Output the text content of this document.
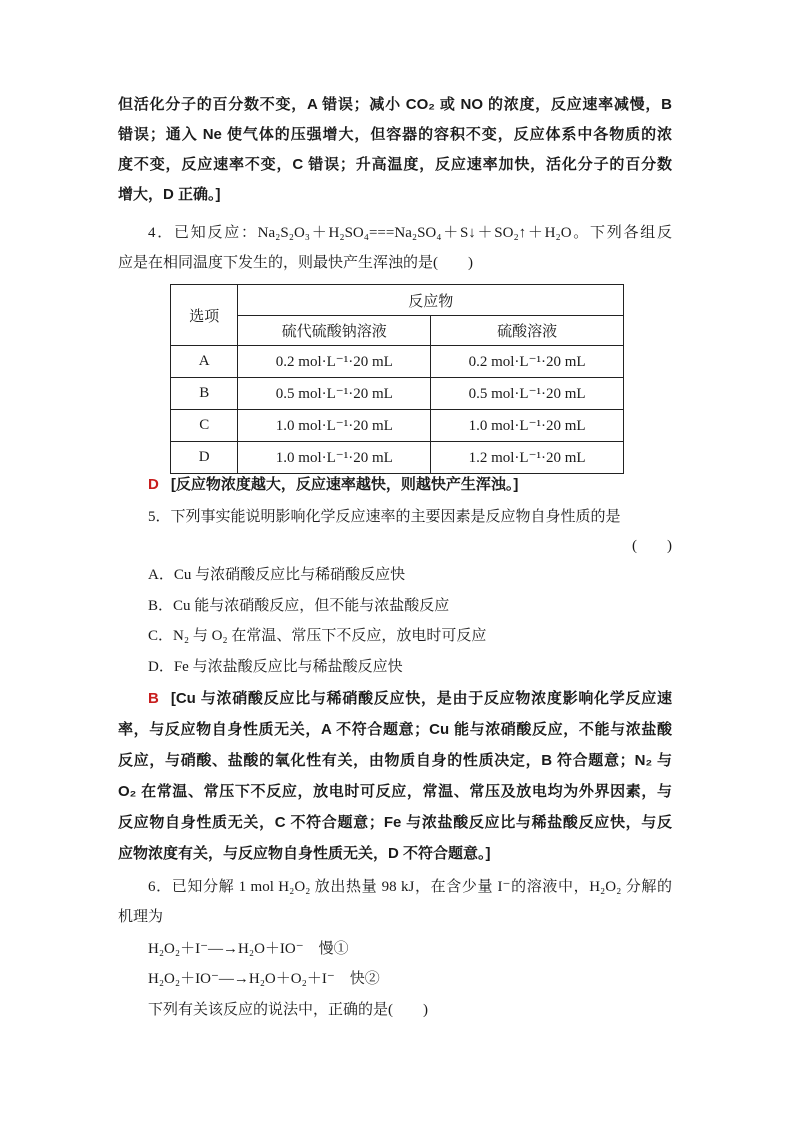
但活化分子的百分数不变，A 错误；减小 CO₂ 或 NO 的浓度，反应速率减慢，B
错误；通入 Ne 使气体的压强增大，但容器的容积不变，反应体系中各物质的浓
度不变，反应速率不变，C 错误；升高温度，反应速率加快，活化分子的百分数
增大，D 正确。]
4．已知反应：Na₂S₂O₃＋H₂SO₄===Na₂SO₄＋S↓＋SO₂↑＋H₂O。下列各组反
应是在相同温度下发生的，则最快产生浑浊的是(　　)
选项	反应物	
	硫代硫酸钠溶液	硫酸溶液
A	0.2 mol·L⁻¹·20 mL	0.2 mol·L⁻¹·20 mL
B	0.5 mol·L⁻¹·20 mL	0.5 mol·L⁻¹·20 mL
C	1.0 mol·L⁻¹·20 mL	1.0 mol·L⁻¹·20 mL
D	1.0 mol·L⁻¹·20 mL	1.2 mol·L⁻¹·20 mL
D [反应物浓度越大，反应速率越快，则越快产生浑浊。]
5．下列事实能说明影响化学反应速率的主要因素是反应物自身性质的是
(　　)
A．Cu 与浓硝酸反应比与稀硝酸反应快
B．Cu 能与浓硝酸反应，但不能与浓盐酸反应
C．N₂ 与 O₂ 在常温、常压下不反应，放电时可反应
D．Fe 与浓盐酸反应比与稀盐酸反应快
B [Cu 与浓硝酸反应比与稀硝酸反应快，是由于反应物浓度影响化学反应速
率，与反应物自身性质无关，A 不符合题意；Cu 能与浓硝酸反应，不能与浓盐酸
反应，与硝酸、盐酸的氧化性有关，由物质自身的性质决定，B 符合题意；N₂ 与
O₂ 在常温、常压下不反应，放电时可反应，常温、常压及放电均为外界因素，与
反应物自身性质无关，C 不符合题意；Fe 与浓盐酸反应比与稀盐酸反应快，与反
应物浓度有关，与反应物自身性质无关，D 不符合题意。]
6．已知分解 1 mol H₂O₂ 放出热量 98 kJ，在含少量 I⁻的溶液中，H₂O₂ 分解的
机理为
H₂O₂＋I⁻―→H₂O＋IO⁻　慢①
H₂O₂＋IO⁻―→H₂O＋O₂＋I⁻　快②
下列有关该反应的说法中，正确的是(　　)
